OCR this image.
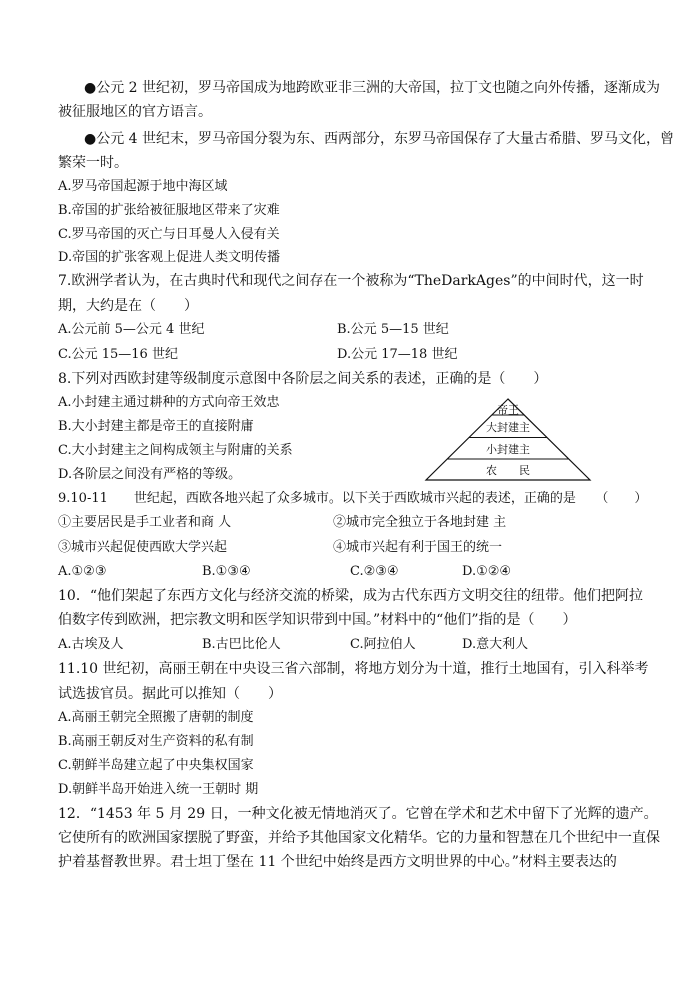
●公元 2 世纪初，罗马帝国成为地跨欧亚非三洲的大帝国，拉丁文也随之向外传播，逐渐成为
被征服地区的官方语言。
●公元 4 世纪末，罗马帝国分裂为东、西两部分，东罗马帝国保存了大量古希腊、罗马文化，曾
繁荣一时。
A.罗马帝国起源于地中海区域
B.帝国的扩张给被征服地区带来了灾难
C.罗马帝国的灭亡与日耳曼人入侵有关
D.帝国的扩张客观上促进人类文明传播
7.欧洲学者认为，在古典时代和现代之间存在一个被称为“TheDarkAges”的中间时代，这一时
期，大约是在（　　）
A.公元前 5—公元 4 世纪	B.公元 5—15 世纪
C.公元 15—16 世纪	D.公元 17—18 世纪
8.下列对西欧封建等级制度示意图中各阶层之间关系的表述，正确的是（　　）
A.小封建主通过耕种的方式向帝王效忠
B.大小封建主都是帝王的直接附庸
C.大小封建主之间构成领主与附庸的关系
D.各阶层之间没有严格的等级。
帝王
大封建主
小封建主
农　　民
9.10-11　　世纪起，西欧各地兴起了众多城市。以下关于西欧城市兴起的表述，正确的是　　（　　）
①主要居民是手工业者和商 人	②城市完全独立于各地封建 主
③城市兴起促使西欧大学兴起	④城市兴起有利于国王的统一
A.①②③	B.①③④	C.②③④	D.①②④
10．“他们架起了东西方文化与经济交流的桥梁，成为古代东西方文明交往的纽带。他们把阿拉
伯数字传到欧洲，把宗教文明和医学知识带到中国。”材料中的“他们”指的是（　　）
A.古埃及人	B.古巴比伦人	C.阿拉伯人	D.意大利人
11.10 世纪初，高丽王朝在中央设三省六部制，将地方划分为十道，推行土地国有，引入科举考
试选拔官员。据此可以推知（　　）
A.高丽王朝完全照搬了唐朝的制度
B.高丽王朝反对生产资料的私有制
C.朝鲜半岛建立起了中央集权国家
D.朝鲜半岛开始进入统一王朝时 期
12．“1453 年 5 月 29 日，一种文化被无情地消灭了。它曾在学术和艺术中留下了光辉的遗产。
它使所有的欧洲国家摆脱了野蛮，并给予其他国家文化精华。它的力量和智慧在几个世纪中一直保
护着基督教世界。君士坦丁堡在 11 个世纪中始终是西方文明世界的中心。”材料主要表达的
